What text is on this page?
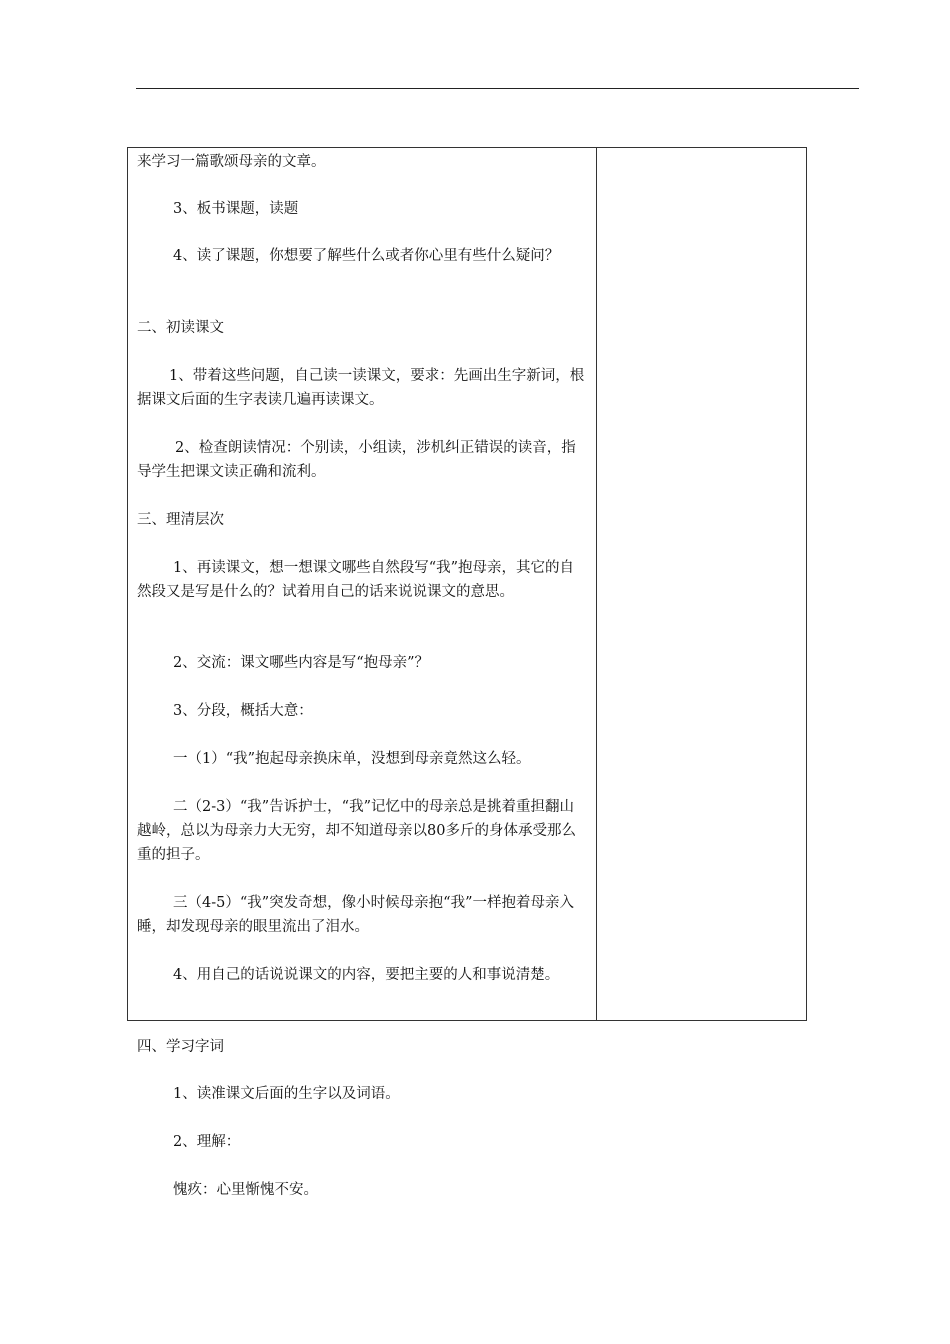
来学习一篇歌颂母亲的文章。

3、板书课题，读题

4、读了课题，你想要了解些什么或者你心里有些什么疑问？

二、初读课文

1、带着这些问题，自己读一读课文，要求：先画出生字新词，根据课文后面的生字表读几遍再读课文。

2、检查朗读情况：个别读，小组读，涉机纠正错误的读音，指导学生把课文读正确和流利。

三、理清层次

1、再读课文，想一想课文哪些自然段写“我”抱母亲，其它的自然段又是写是什么的？试着用自己的话来说说课文的意思。

2、交流：课文哪些内容是写“抱母亲”？

3、分段，概括大意：

一（1）“我”抱起母亲换床单，没想到母亲竟然这么轻。

二（2-3）“我”告诉护士，“我”记忆中的母亲总是挑着重担翻山越岭，总以为母亲力大无穷，却不知道母亲以80多斤的身体承受那么重的担子。

三（4-5）“我”突发奇想，像小时候母亲抱“我”一样抱着母亲入睡，却发现母亲的眼里流出了泪水。

4、用自己的话说说课文的内容，要把主要的人和事说清楚。

四、学习字词

1、读准课文后面的生字以及词语。

2、理解：

愧疚：心里惭愧不安。
